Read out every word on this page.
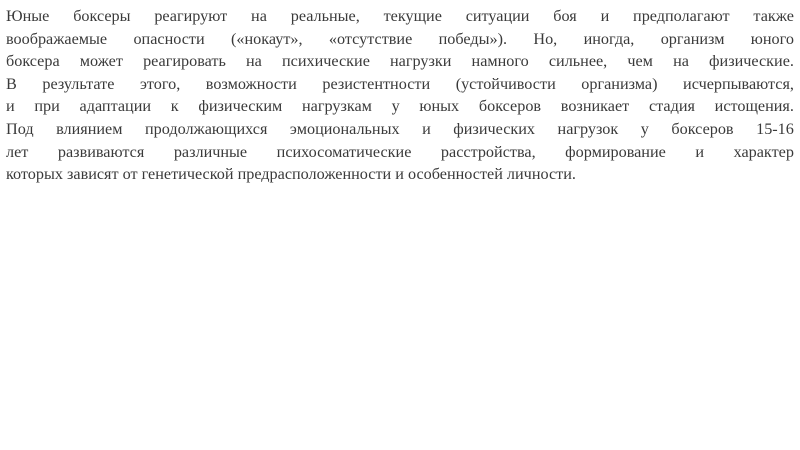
Юные боксеры реагируют на реальные, текущие ситуации боя и предполагают также
воображаемые опасности («нокаут», «отсутствие победы»). Но, иногда, организм юного
боксера может реагировать на психические нагрузки намного сильнее, чем на физические.
В результате этого, возможности резистентности (устойчивости организма) исчерпываются,
и при адаптации к физическим нагрузкам у юных боксеров возникает стадия истощения.
Под влиянием продолжающихся эмоциональных и физических нагрузок у боксеров 15-16
лет развиваются различные психосоматические расстройства, формирование и характер
которых зависят от генетической предрасположенности и особенностей личности.
